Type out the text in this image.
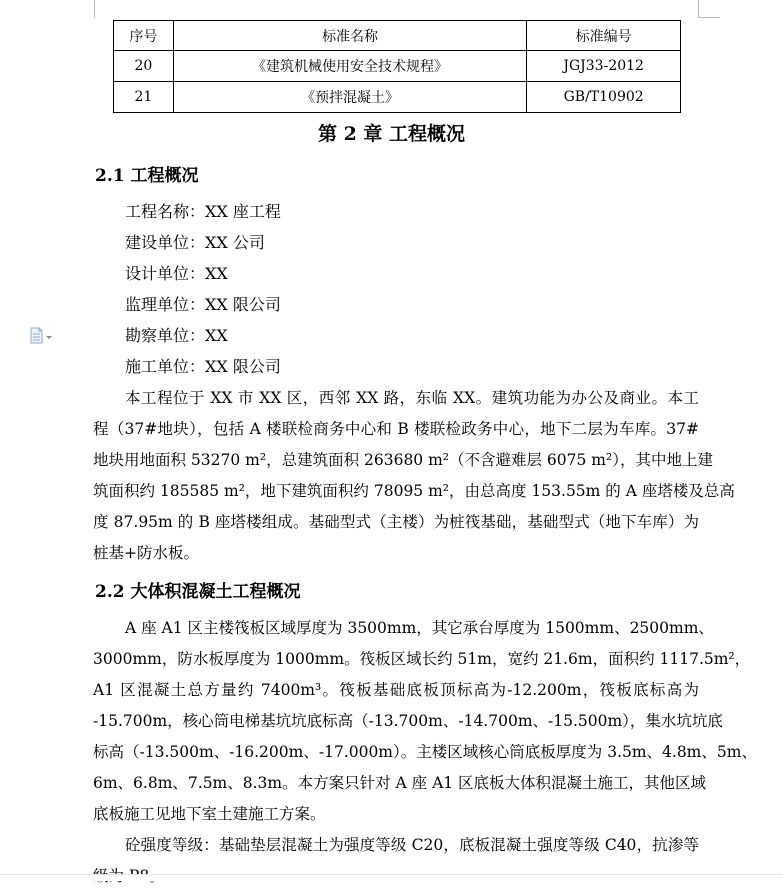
序号	标准名称	标准编号
20	《建筑机械使用安全技术规程》	JGJ33-2012
21	《预拌混凝土》	GB/T10902
第 2 章 工程概况
2.1 工程概况
工程名称：XX 座工程
建设单位：XX 公司
设计单位：XX
监理单位：XX 限公司
勘察单位：XX
施工单位：XX 限公司
本工程位于 XX 市 XX 区，西邻 XX 路，东临 XX。建筑功能为办公及商业。本工
程（37#地块），包括 A 楼联检商务中心和 B 楼联检政务中心，地下二层为车库。37#
地块用地面积 53270 m²，总建筑面积 263680 m²（不含避难层 6075 m²），其中地上建
筑面积约 185585 m²，地下建筑面积约 78095 m²，由总高度 153.55m 的 A 座塔楼及总高
度 87.95m 的 B 座塔楼组成。基础型式（主楼）为桩筏基础，基础型式（地下车库）为
桩基+防水板。
2.2 大体积混凝土工程概况
A 座 A1 区主楼筏板区域厚度为 3500mm，其它承台厚度为 1500mm、2500mm、
3000mm，防水板厚度为 1000mm。筏板区域长约 51m，宽约 21.6m，面积约 1117.5m²，
A1 区混凝土总方量约 7400m³。筏板基础底板顶标高为-12.200m，筏板底标高为
-15.700m，核心筒电梯基坑坑底标高（-13.700m、-14.700m、-15.500m），集水坑坑底
标高（-13.500m、-16.200m、-17.000m）。主楼区域核心筒底板厚度为 3.5m、4.8m、5m、
6m、6.8m、7.5m、8.3m。本方案只针对 A 座 A1 区底板大体积混凝土施工，其他区域
底板施工见地下室土建施工方案。
砼强度等级：基础垫层混凝土为强度等级 C20，底板混凝土强度等级 C40，抗渗等
